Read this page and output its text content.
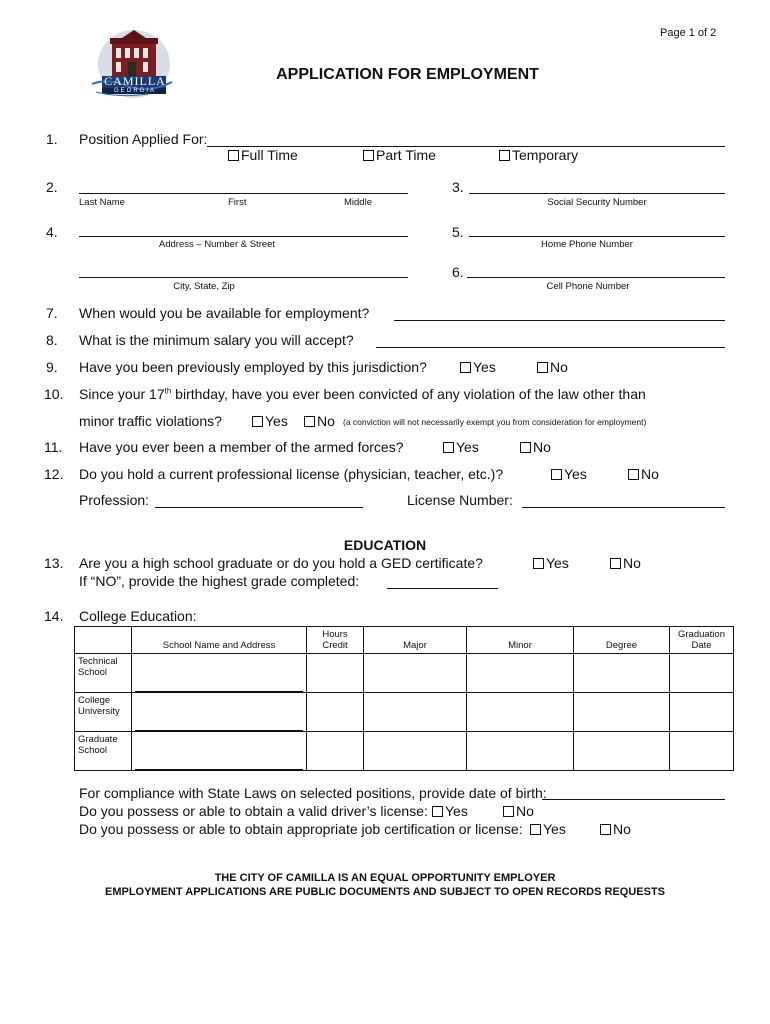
Page 1 of 2
CAMILLA
GEORGIA
APPLICATION FOR EMPLOYMENT
1. Position Applied For:
Full Time	Part Time	Temporary
2.
Last Name	First	Middle
3.
Social Security Number
4.
Address – Number & Street
5.
Home Phone Number
City, State, Zip
6.
Cell Phone Number
7. When would you be available for employment?
8. What is the minimum salary you will accept?
9. Have you been previously employed by this jurisdiction?	Yes	No
10. Since your 17th birthday, have you ever been convicted of any violation of the law other than
minor traffic violations?	Yes	No (a conviction will not necessarily exempt you from consideration for employment)
11. Have you ever been a member of the armed forces?	Yes	No
12. Do you hold a current professional license (physician, teacher, etc.)?	Yes	No
Profession:	License Number:
EDUCATION
13. Are you a high school graduate or do you hold a GED certificate?	Yes	No
If “NO”, provide the highest grade completed:
14. College Education:
	School Name and Address	Hours Credit	Major	Minor	Degree	Graduation Date
Technical School	

College University	

Graduate School	

For compliance with State Laws on selected positions, provide date of birth:
Do you possess or able to obtain a valid driver’s license:	Yes	No
Do you possess or able to obtain appropriate job certification or license:	Yes	No
THE CITY OF CAMILLA IS AN EQUAL OPPORTUNITY EMPLOYER
EMPLOYMENT APPLICATIONS ARE PUBLIC DOCUMENTS AND SUBJECT TO OPEN RECORDS REQUESTS
